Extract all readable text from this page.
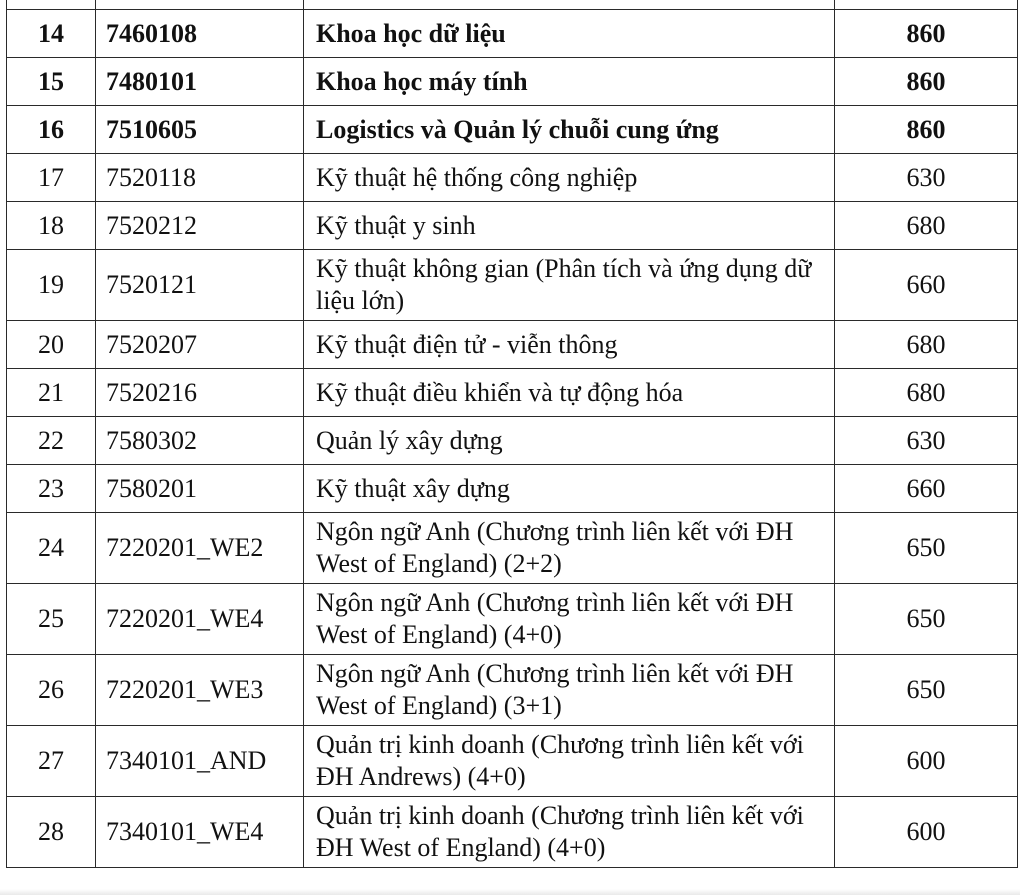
14	7460108	Khoa học dữ liệu	860
15	7480101	Khoa học máy tính	860
16	7510605	Logistics và Quản lý chuỗi cung ứng	860
17	7520118	Kỹ thuật hệ thống công nghiệp	630
18	7520212	Kỹ thuật y sinh	680
19	7520121	Kỹ thuật không gian (Phân tích và ứng dụng dữ liệu lớn)	660
20	7520207	Kỹ thuật điện tử - viễn thông	680
21	7520216	Kỹ thuật điều khiển và tự động hóa	680
22	7580302	Quản lý xây dựng	630
23	7580201	Kỹ thuật xây dựng	660
24	7220201_WE2	Ngôn ngữ Anh (Chương trình liên kết với ĐH West of England) (2+2)	650
25	7220201_WE4	Ngôn ngữ Anh (Chương trình liên kết với ĐH West of England) (4+0)	650
26	7220201_WE3	Ngôn ngữ Anh (Chương trình liên kết với ĐH West of England) (3+1)	650
27	7340101_AND	Quản trị kinh doanh (Chương trình liên kết với ĐH Andrews) (4+0)	600
28	7340101_WE4	Quản trị kinh doanh (Chương trình liên kết với ĐH West of England) (4+0)	600
